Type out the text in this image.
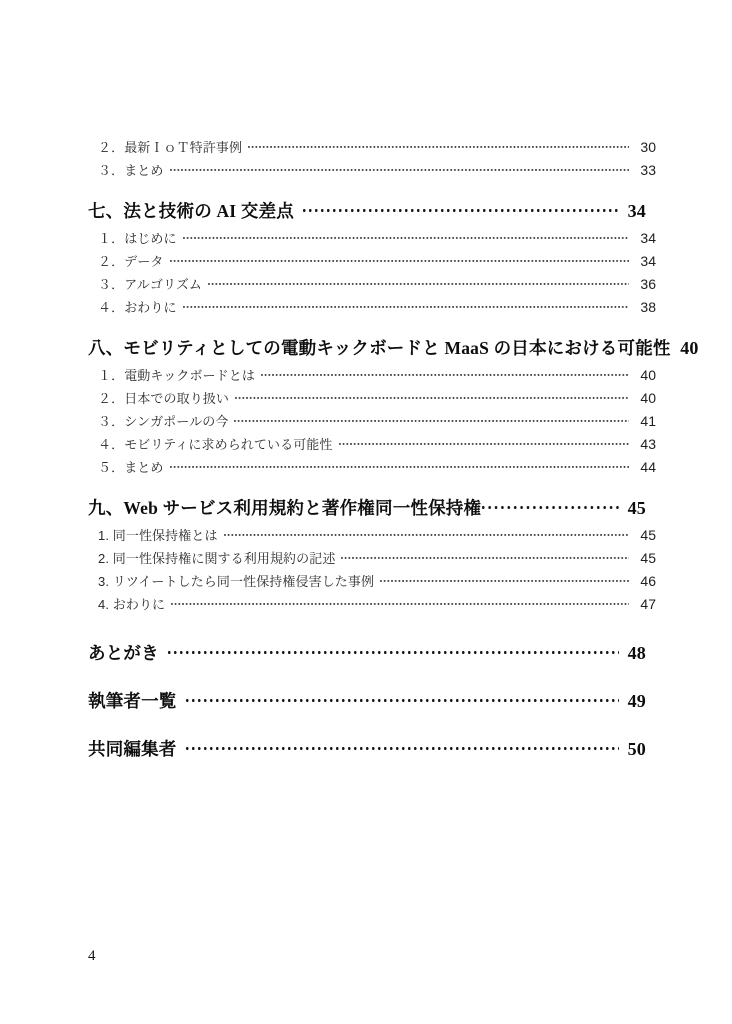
２．最新ＩｏＴ特許事例	30
３．まとめ	33
七、法と技術の AI 交差点	34
１．はじめに	34
２．データ	34
３．アルゴリズム	36
４．おわりに	38
八、モビリティとしての電動キックボードと MaaS の日本における可能性 40
１．電動キックボードとは	40
２．日本での取り扱い	40
３．シンガポールの今	41
４．モビリティに求められている可能性	43
５．まとめ	44
九、Web サービス利用規約と著作権同一性保持権	45
1. 同一性保持権とは	45
2. 同一性保持権に関する利用規約の記述	45
3. リツイートしたら同一性保持権侵害した事例	46
4. おわりに	47
あとがき	48
執筆者一覧	49
共同編集者	50
4
